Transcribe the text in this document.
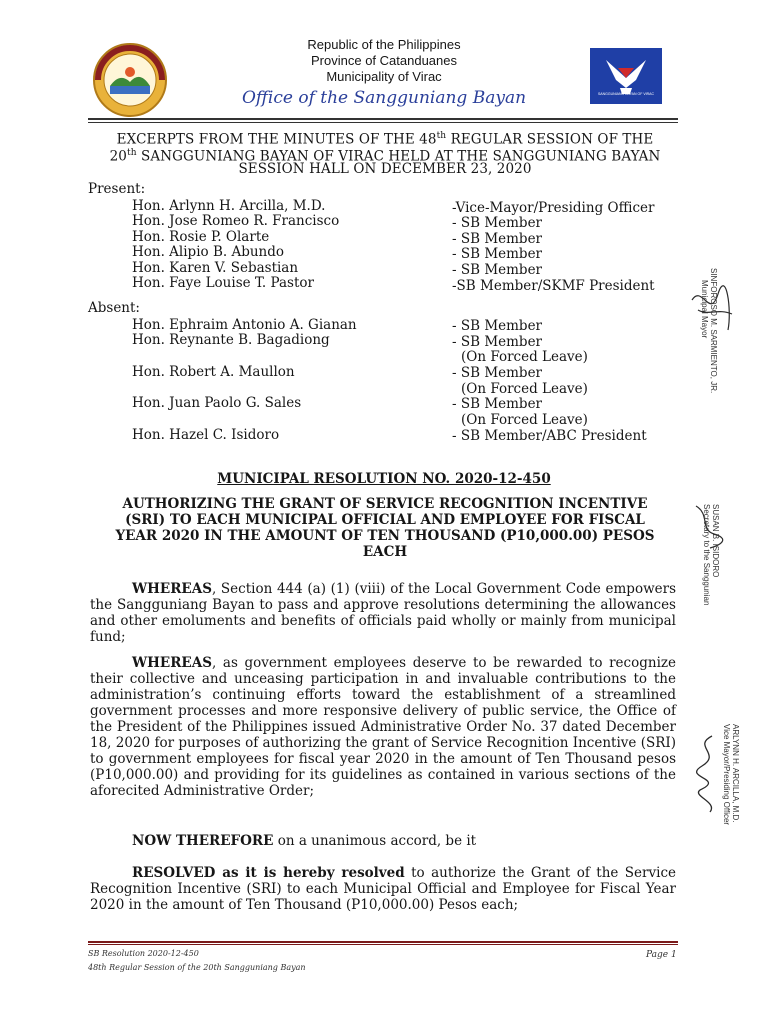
SANGGUNIANG BAYAN OF VIRAC
Republic of the Philippines
Province of Catanduanes
Municipality of Virac
Office of the Sangguniang Bayan
EXCERPTS FROM THE MINUTES OF THE 48th REGULAR SESSION OF THE
20th SANGGUNIANG BAYAN OF VIRAC HELD AT THE SANGGUNIANG BAYAN
SESSION HALL ON DECEMBER 23, 2020
Present:
Hon. Arlynn H. Arcilla, M.D.	-Vice-Mayor/Presiding Officer
Hon. Jose Romeo R. Francisco	- SB Member
Hon. Rosie P. Olarte	- SB Member
Hon. Alipio B. Abundo	- SB Member
Hon. Karen V. Sebastian	- SB Member
Hon. Faye Louise T. Pastor	-SB Member/SKMF President
Absent:
Hon. Ephraim Antonio A. Gianan	- SB Member
Hon. Reynante B. Bagadiong	- SB Member
(On Forced Leave)
Hon. Robert A. Maullon	- SB Member
(On Forced Leave)
Hon. Juan Paolo G. Sales	- SB Member
(On Forced Leave)
Hon. Hazel C. Isidoro	- SB Member/ABC President
MUNICIPAL RESOLUTION NO. 2020-12-450
AUTHORIZING THE GRANT OF SERVICE RECOGNITION INCENTIVE
(SRI) TO EACH MUNICIPAL OFFICIAL AND EMPLOYEE FOR FISCAL
YEAR 2020 IN THE AMOUNT OF TEN THOUSAND (P10,000.00) PESOS
EACH
WHEREAS, Section 444 (a) (1) (viii) of the Local Government Code empowers the Sangguniang Bayan to pass and approve resolutions determining the allowances and other emoluments and benefits of officials paid wholly or mainly from municipal fund;
WHEREAS, as government employees deserve to be rewarded to recognize their collective and unceasing participation in and invaluable contributions to the administration’s continuing efforts toward the establishment of a streamlined government processes and more responsive delivery of public service, the Office of the President of the Philippines issued Administrative Order No. 37 dated December 18, 2020 for purposes of authorizing the grant of Service Recognition Incentive (SRI) to government employees for fiscal year 2020 in the amount of Ten Thousand pesos (P10,000.00) and providing for its guidelines as contained in various sections of the aforecited Administrative Order;
NOW THEREFORE on a unanimous accord, be it
RESOLVED as it is hereby resolved to authorize the Grant of the Service Recognition Incentive (SRI) to each Municipal Official and Employee for Fiscal Year 2020 in the amount of Ten Thousand (P10,000.00) Pesos each;
SINFOROSO M. SARMIENTO, JR.
Municipal Mayor
SUSAN B. ISIDORO
Secretary to the Sanggunian
ARLYNN H. ARCILLA, M.D.
Vice Mayor/Presiding Officer
SB Resolution 2020-12-450
48th Regular Session of the 20th Sangguniang Bayan
Page 1
